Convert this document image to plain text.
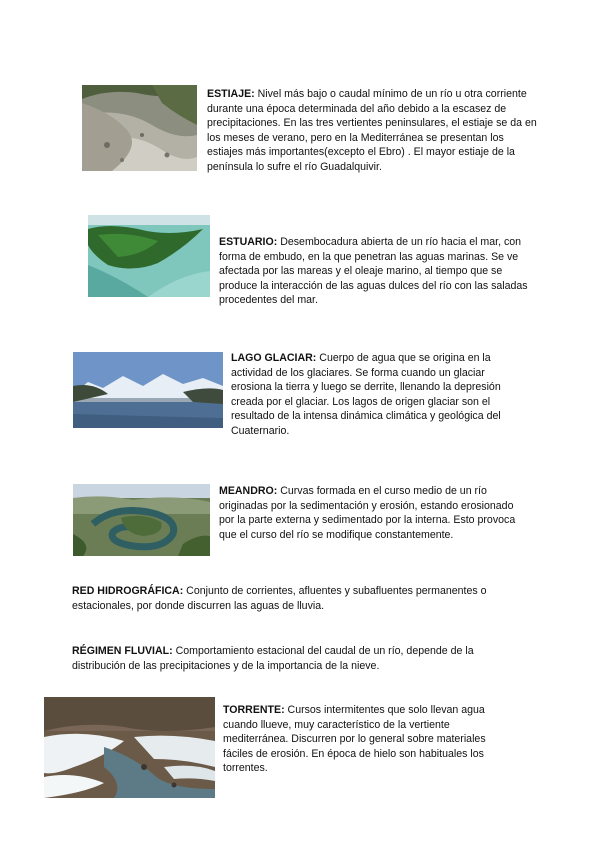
ESTIAJE: Nivel más bajo o caudal mínimo de un río u otra corriente durante una época determinada del año debido a la escasez de precipitaciones. En las tres vertientes peninsulares, el estiaje se da en los meses de verano, pero en la Mediterránea se presentan los estiajes más importantes(excepto el Ebro) . El mayor estiaje de la península lo sufre el río Guadalquivir.
ESTUARIO: Desembocadura abierta de un río hacia el mar, con forma de embudo, en la que penetran las aguas marinas. Se ve afectada por las mareas y el oleaje marino, al tiempo que se produce la interacción de las aguas dulces del río con las saladas procedentes del mar.
LAGO GLACIAR: Cuerpo de agua que se origina en la actividad de los glaciares. Se forma cuando un glaciar erosiona la tierra y luego se derrite, llenando la depresión creada por el glaciar. Los lagos de origen glaciar son el resultado de la intensa dinámica climática y geológica del Cuaternario.
MEANDRO: Curvas formada en el curso medio de un río originadas por la sedimentación y erosión, estando erosionado por la parte externa y sedimentado por la interna. Esto provoca que el curso del río se modifique constantemente.
RED HIDROGRÁFICA: Conjunto de corrientes, afluentes y subafluentes permanentes o estacionales, por donde discurren las aguas de lluvia.
RÉGIMEN FLUVIAL: Comportamiento estacional del caudal de un río, depende de la distribución de las precipitaciones y de la importancia de la nieve.
TORRENTE: Cursos intermitentes que solo llevan agua cuando llueve, muy característico de la vertiente mediterránea. Discurren por lo general sobre materiales fáciles de erosión. En época de hielo son habituales los torrentes.
